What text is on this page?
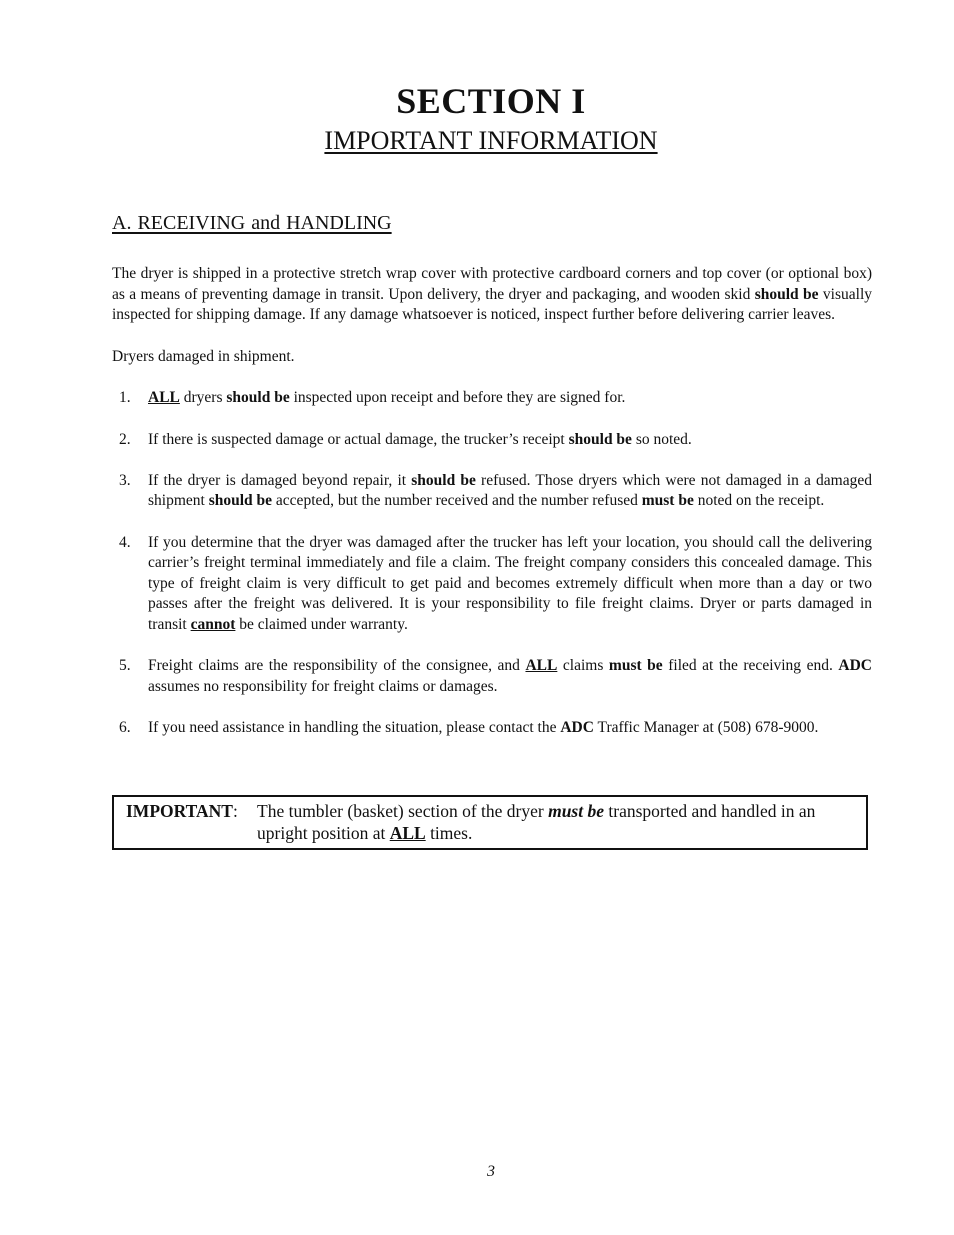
SECTION I
IMPORTANT INFORMATION
A. RECEIVING and HANDLING

The dryer is shipped in a protective stretch wrap cover with protective cardboard corners and top cover (or optional box) as a means of preventing damage in transit. Upon delivery, the dryer and packaging, and wooden skid should be visually inspected for shipping damage. If any damage whatsoever is noticed, inspect further before delivering carrier leaves.

Dryers damaged in shipment.

1. ALL dryers should be inspected upon receipt and before they are signed for.
2. If there is suspected damage or actual damage, the trucker’s receipt should be so noted.
3. If the dryer is damaged beyond repair, it should be refused. Those dryers which were not damaged in a damaged shipment should be accepted, but the number received and the number refused must be noted on the receipt.
4. If you determine that the dryer was damaged after the trucker has left your location, you should call the delivering carrier’s freight terminal immediately and file a claim. The freight company considers this concealed damage. This type of freight claim is very difficult to get paid and becomes extremely difficult when more than a day or two passes after the freight was delivered. It is your responsibility to file freight claims. Dryer or parts damaged in transit cannot be claimed under warranty.
5. Freight claims are the responsibility of the consignee, and ALL claims must be filed at the receiving end. ADC assumes no responsibility for freight claims or damages.
6. If you need assistance in handling the situation, please contact the ADC Traffic Manager at (508) 678-9000.
IMPORTANT: The tumbler (basket) section of the dryer must be transported and handled in an upright position at ALL times.
3
